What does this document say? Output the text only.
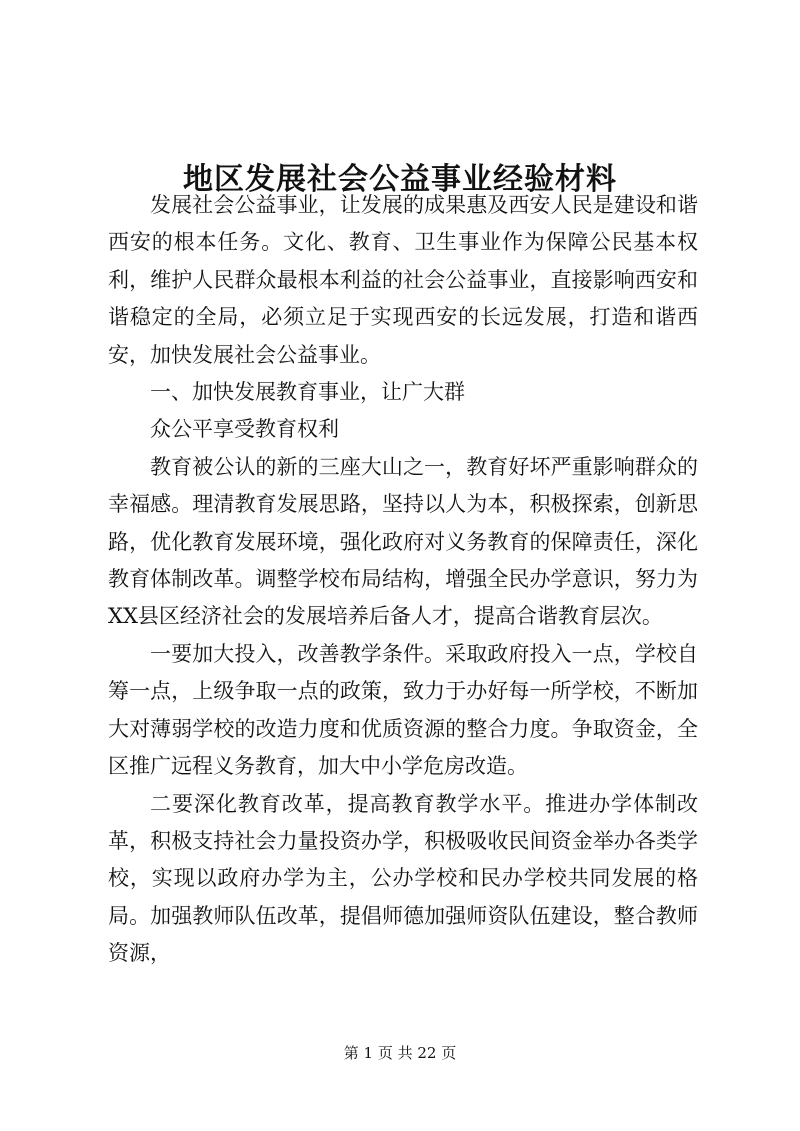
地区发展社会公益事业经验材料

发展社会公益事业，让发展的成果惠及西安人民是建设和谐西安的根本任务。文化、教育、卫生事业作为保障公民基本权利，维护人民群众最根本利益的社会公益事业，直接影响西安和谐稳定的全局，必须立足于实现西安的长远发展，打造和谐西安，加快发展社会公益事业。

一、加快发展教育事业，让广大群

众公平享受教育权利

教育被公认的新的三座大山之一，教育好坏严重影响群众的幸福感。理清教育发展思路，坚持以人为本，积极探索，创新思路，优化教育发展环境，强化政府对义务教育的保障责任，深化教育体制改革。调整学校布局结构，增强全民办学意识，努力为XX县区经济社会的发展培养后备人才，提高合谐教育层次。

一要加大投入，改善教学条件。采取政府投入一点，学校自筹一点，上级争取一点的政策，致力于办好每一所学校，不断加大对薄弱学校的改造力度和优质资源的整合力度。争取资金，全区推广远程义务教育，加大中小学危房改造。

二要深化教育改革，提高教育教学水平。推进办学体制改革，积极支持社会力量投资办学，积极吸收民间资金举办各类学校，实现以政府办学为主，公办学校和民办学校共同发展的格局。加强教师队伍改革，提倡师德加强师资队伍建设，整合教师资源，

第 1 页 共 22 页
